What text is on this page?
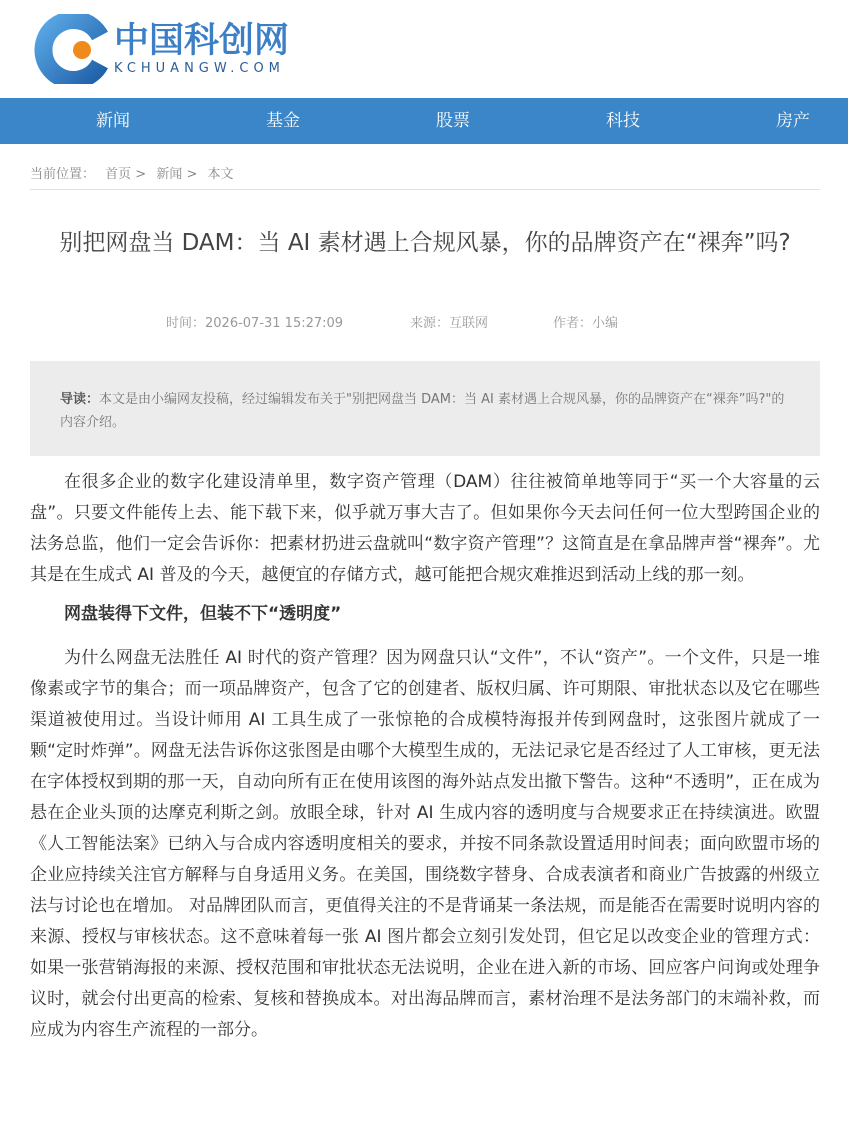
中国科创网
KCHUANGW.COM
新闻	基金	股票	科技	房产
当前位置： 首页 > 新闻 > 本文
别把网盘当 DAM：当 AI 素材遇上合规风暴，你的品牌资产在“裸奔”吗?
时间：2026-07-31 15:27:09	来源：互联网	作者：小编
导读：本文是由小编网友投稿，经过编辑发布关于"别把网盘当 DAM：当 AI 素材遇上合规风暴，你的品牌资产在“裸奔”吗?"的内容介绍。

在很多企业的数字化建设清单里，数字资产管理（DAM）往往被简单地等同于“买一个大容量的云盘”。只要文件能传上去、能下载下来，似乎就万事大吉了。但如果你今天去问任何一位大型跨国企业的法务总监，他们一定会告诉你：把素材扔进云盘就叫“数字资产管理”？这简直是在拿品牌声誉“裸奔”。尤其是在生成式 AI 普及的今天，越便宜的存储方式，越可能把合规灾难推迟到活动上线的那一刻。

网盘装得下文件，但装不下“透明度”

为什么网盘无法胜任 AI 时代的资产管理？因为网盘只认“文件”，不认“资产”。一个文件，只是一堆像素或字节的集合；而一项品牌资产，包含了它的创建者、版权归属、许可期限、审批状态以及它在哪些渠道被使用过。当设计师用 AI 工具生成了一张惊艳的合成模特海报并传到网盘时，这张图片就成了一颗“定时炸弹”。网盘无法告诉你这张图是由哪个大模型生成的，无法记录它是否经过了人工审核，更无法在字体授权到期的那一天，自动向所有正在使用该图的海外站点发出撤下警告。这种“不透明”，正在成为悬在企业头顶的达摩克利斯之剑。放眼全球，针对 AI 生成内容的透明度与合规要求正在持续演进。欧盟《人工智能法案》已纳入与合成内容透明度相关的要求，并按不同条款设置适用时间表；面向欧盟市场的企业应持续关注官方解释与自身适用义务。在美国，围绕数字替身、合成表演者和商业广告披露的州级立法与讨论也在增加。 对品牌团队而言，更值得关注的不是背诵某一条法规，而是能否在需要时说明内容的来源、授权与审核状态。这不意味着每一张 AI 图片都会立刻引发处罚，但它足以改变企业的管理方式：如果一张营销海报的来源、授权范围和审批状态无法说明，企业在进入新的市场、回应客户问询或处理争议时，就会付出更高的检索、复核和替换成本。对出海品牌而言，素材治理不是法务部门的末端补救，而应成为内容生产流程的一部分。
